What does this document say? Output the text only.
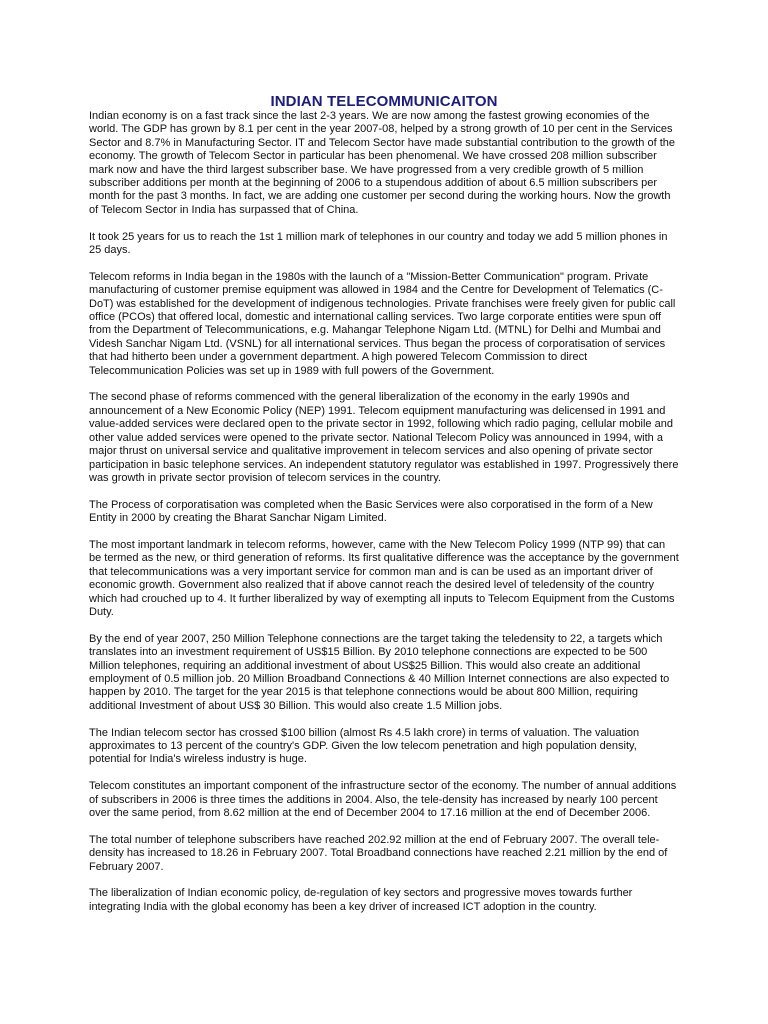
INDIAN TELECOMMUNICAITON

Indian economy is on a fast track since the last 2-3 years. We are now among the fastest growing economies of the world. The GDP has grown by 8.1 per cent in the year 2007-08, helped by a strong growth of 10 per cent in the Services Sector and 8.7% in Manufacturing Sector. IT and Telecom Sector have made substantial contribution to the growth of the economy. The growth of Telecom Sector in particular has been phenomenal. We have crossed 208 million subscriber mark now and have the third largest subscriber base. We have progressed from a very credible growth of 5 million subscriber additions per month at the beginning of 2006 to a stupendous addition of about 6.5 million subscribers per month for the past 3 months. In fact, we are adding one customer per second during the working hours. Now the growth of Telecom Sector in India has surpassed that of China.

It took 25 years for us to reach the 1st 1 million mark of telephones in our country and today we add 5 million phones in 25 days.

Telecom reforms in India began in the 1980s with the launch of a "Mission-Better Communication" program. Private manufacturing of customer premise equipment was allowed in 1984 and the Centre for Development of Telematics (C-DoT) was established for the development of indigenous technologies. Private franchises were freely given for public call office (PCOs) that offered local, domestic and international calling services. Two large corporate entities were spun off from the Department of Telecommunications, e.g. Mahangar Telephone Nigam Ltd. (MTNL) for Delhi and Mumbai and Videsh Sanchar Nigam Ltd. (VSNL) for all international services. Thus began the process of corporatisation of services that had hitherto been under a government department. A high powered Telecom Commission to direct Telecommunication Policies was set up in 1989 with full powers of the Government.

The second phase of reforms commenced with the general liberalization of the economy in the early 1990s and announcement of a New Economic Policy (NEP) 1991. Telecom equipment manufacturing was delicensed in 1991 and value-added services were declared open to the private sector in 1992, following which radio paging, cellular mobile and other value added services were opened to the private sector. National Telecom Policy was announced in 1994, with a major thrust on universal service and qualitative improvement in telecom services and also opening of private sector participation in basic telephone services. An independent statutory regulator was established in 1997. Progressively there was growth in private sector provision of telecom services in the country.

The Process of corporatisation was completed when the Basic Services were also corporatised in the form of a New Entity in 2000 by creating the Bharat Sanchar Nigam Limited.

The most important landmark in telecom reforms, however, came with the New Telecom Policy 1999 (NTP 99) that can be termed as the new, or third generation of reforms. Its first qualitative difference was the acceptance by the government that telecommunications was a very important service for common man and is can be used as an important driver of economic growth. Government also realized that if above cannot reach the desired level of teledensity of the country which had crouched up to 4. It further liberalized by way of exempting all inputs to Telecom Equipment from the Customs Duty.

By the end of year 2007, 250 Million Telephone connections are the target taking the teledensity to 22, a targets which translates into an investment requirement of US$15 Billion. By 2010 telephone connections are expected to be 500 Million telephones, requiring an additional investment of about US$25 Billion. This would also create an additional employment of 0.5 million job. 20 Million Broadband Connections & 40 Million Internet connections are also expected to happen by 2010. The target for the year 2015 is that telephone connections would be about 800 Million, requiring additional Investment of about US$ 30 Billion. This would also create 1.5 Million jobs.

The Indian telecom sector has crossed $100 billion (almost Rs 4.5 lakh crore) in terms of valuation. The valuation approximates to 13 percent of the country's GDP. Given the low telecom penetration and high population density, potential for India's wireless industry is huge.

Telecom constitutes an important component of the infrastructure sector of the economy. The number of annual additions of subscribers in 2006 is three times the additions in 2004. Also, the tele-density has increased by nearly 100 percent over the same period, from 8.62 million at the end of December 2004 to 17.16 million at the end of December 2006.

The total number of telephone subscribers have reached 202.92 million at the end of February 2007. The overall tele-density has increased to 18.26 in February 2007. Total Broadband connections have reached 2.21 million by the end of February 2007.

The liberalization of Indian economic policy, de-regulation of key sectors and progressive moves towards further integrating India with the global economy has been a key driver of increased ICT adoption in the country.
